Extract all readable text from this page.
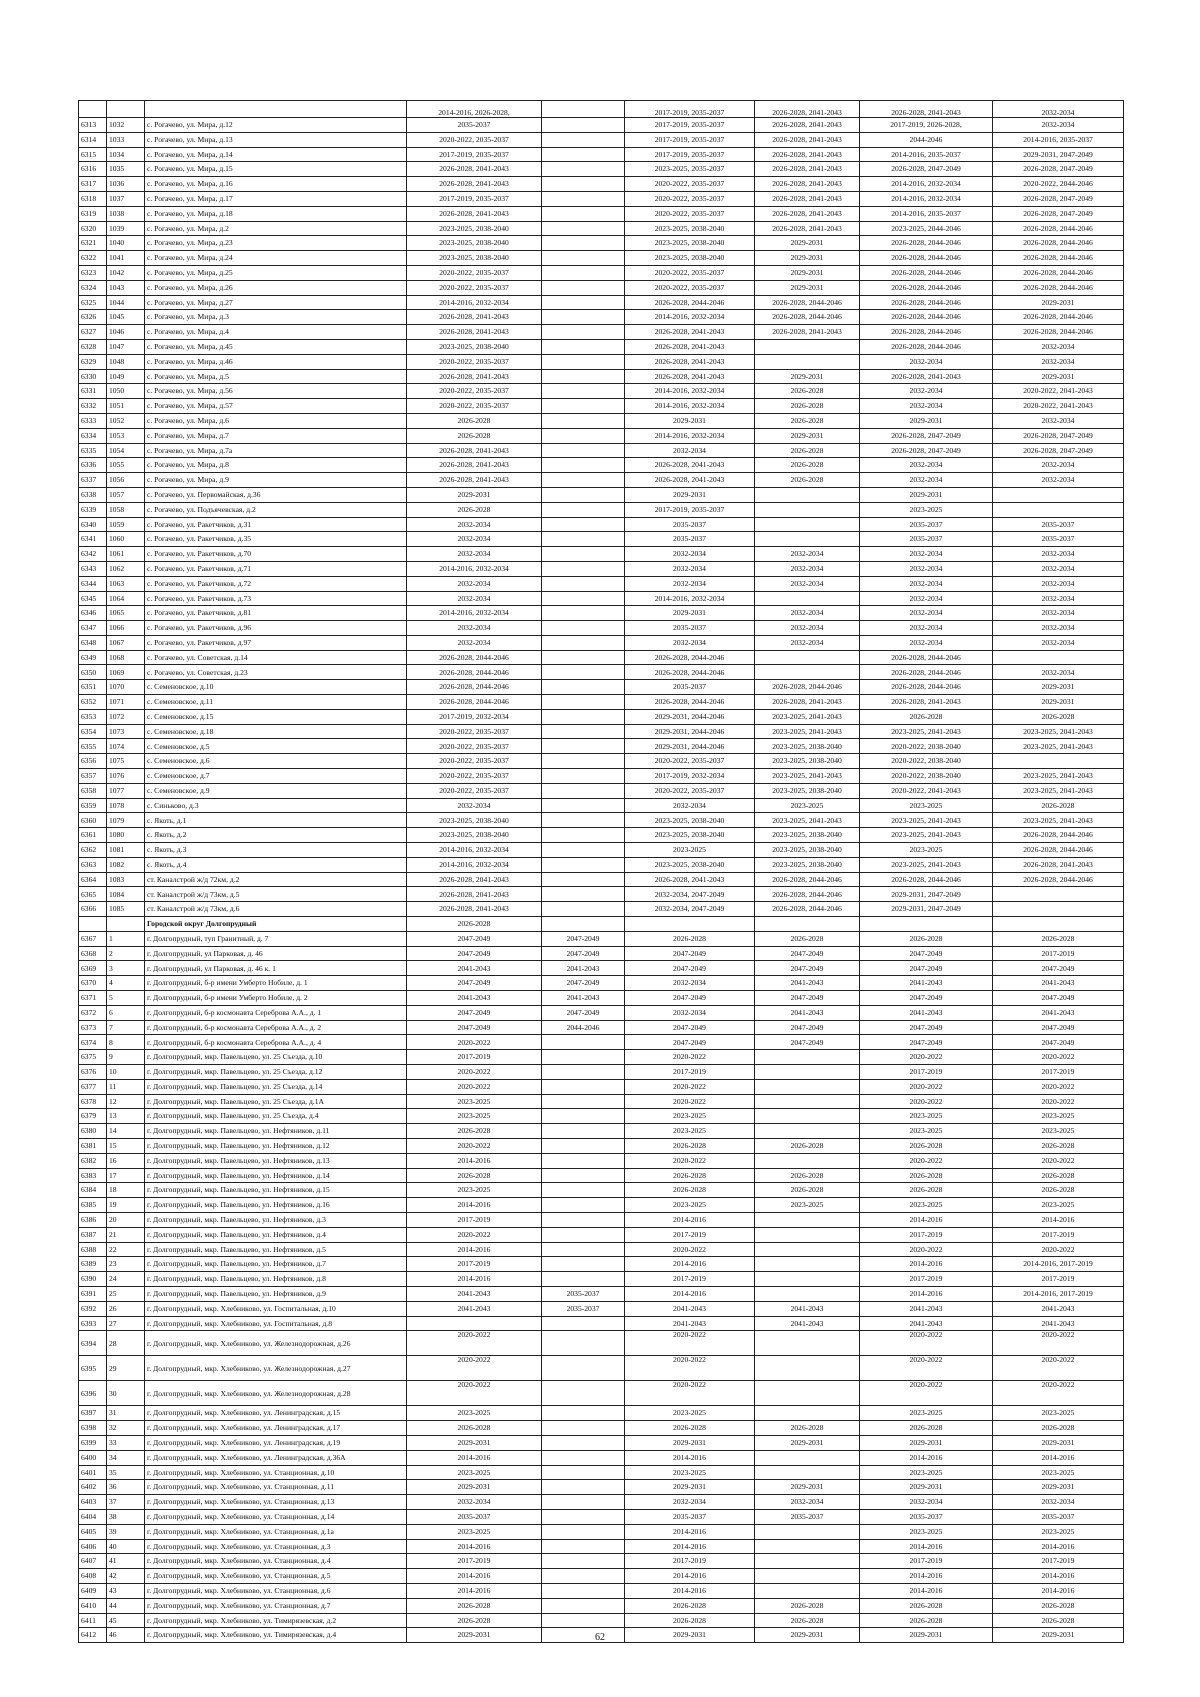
			2014-2016, 2026-2028,		2017-2019, 2035-2037	2026-2028, 2041-2043	2026-2028, 2041-2043	2032-2034
6313	1032	с. Рогачево, ул. Мира, д.12	2035-2037		2017-2019, 2035-2037	2026-2028, 2041-2043	2017-2019, 2026-2028,	2032-2034
6314	1033	с. Рогачево, ул. Мира, д.13	2020-2022, 2035-2037		2017-2019, 2035-2037	2026-2028, 2041-2043	2044-2046	2014-2016, 2035-2037
6315	1034	с. Рогачево, ул. Мира, д.14	2017-2019, 2035-2037		2017-2019, 2035-2037	2026-2028, 2041-2043	2014-2016, 2035-2037	2029-2031, 2047-2049
6316	1035	с. Рогачево, ул. Мира, д.15	2026-2028, 2041-2043		2023-2025, 2035-2037	2026-2028, 2041-2043	2026-2028, 2047-2049	2026-2028, 2047-2049
6317	1036	с. Рогачево, ул. Мира, д.16	2026-2028, 2041-2043		2020-2022, 2035-2037	2026-2028, 2041-2043	2014-2016, 2032-2034	2020-2022, 2044-2046
6318	1037	с. Рогачево, ул. Мира, д.17	2017-2019, 2035-2037		2020-2022, 2035-2037	2026-2028, 2041-2043	2014-2016, 2032-2034	2026-2028, 2047-2049
6319	1038	с. Рогачево, ул. Мира, д.18	2026-2028, 2041-2043		2020-2022, 2035-2037	2026-2028, 2041-2043	2014-2016, 2035-2037	2026-2028, 2047-2049
6320	1039	с. Рогачево, ул. Мира, д.2	2023-2025, 2038-2040		2023-2025, 2038-2040	2026-2028, 2041-2043	2023-2025, 2044-2046	2026-2028, 2044-2046
6321	1040	с. Рогачево, ул. Мира, д.23	2023-2025, 2038-2040		2023-2025, 2038-2040	2029-2031	2026-2028, 2044-2046	2026-2028, 2044-2046
6322	1041	с. Рогачево, ул. Мира, д.24	2023-2025, 2038-2040		2023-2025, 2038-2040	2029-2031	2026-2028, 2044-2046	2026-2028, 2044-2046
6323	1042	с. Рогачево, ул. Мира, д.25	2020-2022, 2035-2037		2020-2022, 2035-2037	2029-2031	2026-2028, 2044-2046	2026-2028, 2044-2046
6324	1043	с. Рогачево, ул. Мира, д.26	2020-2022, 2035-2037		2020-2022, 2035-2037	2029-2031	2026-2028, 2044-2046	2026-2028, 2044-2046
6325	1044	с. Рогачево, ул. Мира, д.27	2014-2016, 2032-2034		2026-2028, 2044-2046	2026-2028, 2044-2046	2026-2028, 2044-2046	2029-2031
6326	1045	с. Рогачево, ул. Мира, д.3	2026-2028, 2041-2043		2014-2016, 2032-2034	2026-2028, 2044-2046	2026-2028, 2044-2046	2026-2028, 2044-2046
6327	1046	с. Рогачево, ул. Мира, д.4	2026-2028, 2041-2043		2026-2028, 2041-2043	2026-2028, 2041-2043	2026-2028, 2044-2046	2026-2028, 2044-2046
6328	1047	с. Рогачево, ул. Мира, д.45	2023-2025, 2038-2040		2026-2028, 2041-2043		2026-2028, 2044-2046	2032-2034
6329	1048	с. Рогачево, ул. Мира, д.46	2020-2022, 2035-2037		2026-2028, 2041-2043		2032-2034	2032-2034
6330	1049	с. Рогачево, ул. Мира, д.5	2026-2028, 2041-2043		2026-2028, 2041-2043	2029-2031	2026-2028, 2041-2043	2029-2031
6331	1050	с. Рогачево, ул. Мира, д.56	2020-2022, 2035-2037		2014-2016, 2032-2034	2026-2028	2032-2034	2020-2022, 2041-2043
6332	1051	с. Рогачево, ул. Мира, д.57	2020-2022, 2035-2037		2014-2016, 2032-2034	2026-2028	2032-2034	2020-2022, 2041-2043
6333	1052	с. Рогачево, ул. Мира, д.6	2026-2028		2029-2031	2026-2028	2029-2031	2032-2034
6334	1053	с. Рогачево, ул. Мира, д.7	2026-2028		2014-2016, 2032-2034	2029-2031	2026-2028, 2047-2049	2026-2028, 2047-2049
6335	1054	с. Рогачево, ул. Мира, д.7а	2026-2028, 2041-2043		2032-2034	2026-2028	2026-2028, 2047-2049	2026-2028, 2047-2049
6336	1055	с. Рогачево, ул. Мира, д.8	2026-2028, 2041-2043		2026-2028, 2041-2043	2026-2028	2032-2034	2032-2034
6337	1056	с. Рогачево, ул. Мира, д.9	2026-2028, 2041-2043		2026-2028, 2041-2043	2026-2028	2032-2034	2032-2034
6338	1057	с. Рогачево, ул. Первомайская, д.36	2029-2031		2029-2031		2029-2031	
6339	1058	с. Рогачево, ул. Подъячевская, д.2	2026-2028		2017-2019, 2035-2037		2023-2025	
6340	1059	с. Рогачево, ул. Ракетчиков, д.31	2032-2034		2035-2037		2035-2037	2035-2037
6341	1060	с. Рогачево, ул. Ракетчиков, д.35	2032-2034		2035-2037		2035-2037	2035-2037
6342	1061	с. Рогачево, ул. Ракетчиков, д.70	2032-2034		2032-2034	2032-2034	2032-2034	2032-2034
6343	1062	с. Рогачево, ул. Ракетчиков, д.71	2014-2016, 2032-2034		2032-2034	2032-2034	2032-2034	2032-2034
6344	1063	с. Рогачево, ул. Ракетчиков, д.72	2032-2034		2032-2034	2032-2034	2032-2034	2032-2034
6345	1064	с. Рогачево, ул. Ракетчиков, д.73	2032-2034		2014-2016, 2032-2034		2032-2034	2032-2034
6346	1065	с. Рогачево, ул. Ракетчиков, д.81	2014-2016, 2032-2034		2029-2031	2032-2034	2032-2034	2032-2034
6347	1066	с. Рогачево, ул. Ракетчиков, д.96	2032-2034		2035-2037	2032-2034	2032-2034	2032-2034
6348	1067	с. Рогачево, ул. Ракетчиков, д.97	2032-2034		2032-2034	2032-2034	2032-2034	2032-2034
6349	1068	с. Рогачево, ул. Советская, д.14	2026-2028, 2044-2046		2026-2028, 2044-2046		2026-2028, 2044-2046	
6350	1069	с. Рогачево, ул. Советская, д.23	2026-2028, 2044-2046		2026-2028, 2044-2046		2026-2028, 2044-2046	2032-2034
6351	1070	с. Семеновское, д.10	2026-2028, 2044-2046		2035-2037	2026-2028, 2044-2046	2026-2028, 2044-2046	2029-2031
6352	1071	с. Семеновское, д.11	2026-2028, 2044-2046		2026-2028, 2044-2046	2026-2028, 2041-2043	2026-2028, 2041-2043	2029-2031
6353	1072	с. Семеновское, д.15	2017-2019, 2032-2034		2029-2031, 2044-2046	2023-2025, 2041-2043	2026-2028	2026-2028
6354	1073	с. Семеновское, д.18	2020-2022, 2035-2037		2029-2031, 2044-2046	2023-2025, 2041-2043	2023-2025, 2041-2043	2023-2025, 2041-2043
6355	1074	с. Семеновское, д.5	2020-2022, 2035-2037		2029-2031, 2044-2046	2023-2025, 2038-2040	2020-2022, 2038-2040	2023-2025, 2041-2043
6356	1075	с. Семеновское, д.6	2020-2022, 2035-2037		2020-2022, 2035-2037	2023-2025, 2038-2040	2020-2022, 2038-2040	
6357	1076	с. Семеновское, д.7	2020-2022, 2035-2037		2017-2019, 2032-2034	2023-2025, 2041-2043	2020-2022, 2038-2040	2023-2025, 2041-2043
6358	1077	с. Семеновское, д.9	2020-2022, 2035-2037		2020-2022, 2035-2037	2023-2025, 2038-2040	2020-2022, 2041-2043	2023-2025, 2041-2043
6359	1078	с. Синьково, д.3	2032-2034		2032-2034	2023-2025	2023-2025	2026-2028
6360	1079	с. Якоть, д.1	2023-2025, 2038-2040		2023-2025, 2038-2040	2023-2025, 2041-2043	2023-2025, 2041-2043	2023-2025, 2041-2043
6361	1080	с. Якоть, д.2	2023-2025, 2038-2040		2023-2025, 2038-2040	2023-2025, 2038-2040	2023-2025, 2041-2043	2026-2028, 2044-2046
6362	1081	с. Якоть, д.3	2014-2016, 2032-2034		2023-2025	2023-2025, 2038-2040	2023-2025	2026-2028, 2044-2046
6363	1082	с. Якоть, д.4	2014-2016, 2032-2034		2023-2025, 2038-2040	2023-2025, 2038-2040	2023-2025, 2041-2043	2026-2028, 2041-2043
6364	1083	ст. Каналстрой ж/д 72км, д.2	2026-2028, 2041-2043		2026-2028, 2041-2043	2026-2028, 2044-2046	2026-2028, 2044-2046	2026-2028, 2044-2046
6365	1084	ст. Каналстрой ж/д 73км, д.5	2026-2028, 2041-2043		2032-2034, 2047-2049	2026-2028, 2044-2046	2029-2031, 2047-2049	
6366	1085	ст. Каналстрой ж/д 73км, д.6	2026-2028, 2041-2043		2032-2034, 2047-2049	2026-2028, 2044-2046	2029-2031, 2047-2049	
		Городской округ Долгопрудный	2026-2028					
6367	1	г. Долгопрудный, туп Гранитный, д. 7	2047-2049	2047-2049	2026-2028	2026-2028	2026-2028	2026-2028
6368	2	г. Долгопрудный, ул Парковая, д. 46	2047-2049	2047-2049	2047-2049	2047-2049	2047-2049	2017-2019
6369	3	г. Долгопрудный, ул Парковая, д. 46 к. 1	2041-2043	2041-2043	2047-2049	2047-2049	2047-2049	2047-2049
6370	4	г. Долгопрудный, б-р имени Умберто Нобиле, д. 1	2047-2049	2047-2049	2032-2034	2041-2043	2041-2043	2041-2043
6371	5	г. Долгопрудный, б-р имени Умберто Нобиле, д. 2	2041-2043	2041-2043	2047-2049	2047-2049	2047-2049	2047-2049
6372	6	г. Долгопрудный, б-р космонавта Сереброва А.А., д. 1	2047-2049	2047-2049	2032-2034	2041-2043	2041-2043	2041-2043
6373	7	г. Долгопрудный, б-р космонавта Сереброва А.А., д. 2	2047-2049	2044-2046	2047-2049	2047-2049	2047-2049	2047-2049
6374	8	г. Долгопрудный, б-р космонавта Сереброва А.А., д. 4	2020-2022		2047-2049	2047-2049	2047-2049	2047-2049
6375	9	г. Долгопрудный, мкр. Павельцево, ул. 25 Съезда, д.10	2017-2019		2020-2022		2020-2022	2020-2022
6376	10	г. Долгопрудный, мкр. Павельцево, ул. 25 Съезда, д.12	2020-2022		2017-2019		2017-2019	2017-2019
6377	11	г. Долгопрудный, мкр. Павельцево, ул. 25 Съезда, д.14	2020-2022		2020-2022		2020-2022	2020-2022
6378	12	г. Долгопрудный, мкр. Павельцево, ул. 25 Съезда, д.1А	2023-2025		2020-2022		2020-2022	2020-2022
6379	13	г. Долгопрудный, мкр. Павельцево, ул. 25 Съезда, д.4	2023-2025		2023-2025		2023-2025	2023-2025
6380	14	г. Долгопрудный, мкр. Павельцево, ул. Нефтяников, д.11	2026-2028		2023-2025		2023-2025	2023-2025
6381	15	г. Долгопрудный, мкр. Павельцево, ул. Нефтяников, д.12	2020-2022		2026-2028	2026-2028	2026-2028	2026-2028
6382	16	г. Долгопрудный, мкр. Павельцево, ул. Нефтяников, д.13	2014-2016		2020-2022		2020-2022	2020-2022
6383	17	г. Долгопрудный, мкр. Павельцево, ул. Нефтяников, д.14	2026-2028		2026-2028	2026-2028	2026-2028	2026-2028
6384	18	г. Долгопрудный, мкр. Павельцево, ул. Нефтяников, д.15	2023-2025		2026-2028	2026-2028	2026-2028	2026-2028
6385	19	г. Долгопрудный, мкр. Павельцево, ул. Нефтяников, д.16	2014-2016		2023-2025	2023-2025	2023-2025	2023-2025
6386	20	г. Долгопрудный, мкр. Павельцево, ул. Нефтяников, д.3	2017-2019		2014-2016		2014-2016	2014-2016
6387	21	г. Долгопрудный, мкр. Павельцево, ул. Нефтяников, д.4	2020-2022		2017-2019		2017-2019	2017-2019
6388	22	г. Долгопрудный, мкр. Павельцево, ул. Нефтяников, д.5	2014-2016		2020-2022		2020-2022	2020-2022
6389	23	г. Долгопрудный, мкр. Павельцево, ул. Нефтяников, д.7	2017-2019		2014-2016		2014-2016	2014-2016, 2017-2019
6390	24	г. Долгопрудный, мкр. Павельцево, ул. Нефтяников, д.8	2014-2016		2017-2019		2017-2019	2017-2019
6391	25	г. Долгопрудный, мкр. Павельцево, ул. Нефтяников, д.9	2041-2043	2035-2037	2014-2016		2014-2016	2014-2016, 2017-2019
6392	26	г. Долгопрудный, мкр. Хлебниково, ул. Госпитальная, д.10	2041-2043	2035-2037	2041-2043	2041-2043	2041-2043	2041-2043
6393	27	г. Долгопрудный, мкр. Хлебниково, ул. Госпитальная, д.8			2041-2043	2041-2043	2041-2043	2041-2043
6394	28	г. Долгопрудный, мкр. Хлебниково, ул. Железнодорожная, д.26	2020-2022		2020-2022		2020-2022	2020-2022
6395	29	г. Долгопрудный, мкр. Хлебниково, ул. Железнодорожная, д.27	2020-2022		2020-2022		2020-2022	2020-2022
6396	30	г. Долгопрудный, мкр. Хлебниково, ул. Железнодорожная, д.28	2020-2022		2020-2022		2020-2022	2020-2022
6397	31	г. Долгопрудный, мкр. Хлебниково, ул. Ленинградская, д.15	2023-2025		2023-2025		2023-2025	2023-2025
6398	32	г. Долгопрудный, мкр. Хлебниково, ул. Ленинградская, д.17	2026-2028		2026-2028	2026-2028	2026-2028	2026-2028
6399	33	г. Долгопрудный, мкр. Хлебниково, ул. Ленинградская, д.19	2029-2031		2029-2031	2029-2031	2029-2031	2029-2031
6400	34	г. Долгопрудный, мкр. Хлебниково, ул. Ленинградская, д.36А	2014-2016		2014-2016		2014-2016	2014-2016
6401	35	г. Долгопрудный, мкр. Хлебниково, ул. Станционная, д.10	2023-2025		2023-2025		2023-2025	2023-2025
6402	36	г. Долгопрудный, мкр. Хлебниково, ул. Станционная, д.11	2029-2031		2029-2031	2029-2031	2029-2031	2029-2031
6403	37	г. Долгопрудный, мкр. Хлебниково, ул. Станционная, д.13	2032-2034		2032-2034	2032-2034	2032-2034	2032-2034
6404	38	г. Долгопрудный, мкр. Хлебниково, ул. Станционная, д.14	2035-2037		2035-2037	2035-2037	2035-2037	2035-2037
6405	39	г. Долгопрудный, мкр. Хлебниково, ул. Станционная, д.1а	2023-2025		2014-2016		2023-2025	2023-2025
6406	40	г. Долгопрудный, мкр. Хлебниково, ул. Станционная, д.3	2014-2016		2014-2016		2014-2016	2014-2016
6407	41	г. Долгопрудный, мкр. Хлебниково, ул. Станционная, д.4	2017-2019		2017-2019		2017-2019	2017-2019
6408	42	г. Долгопрудный, мкр. Хлебниково, ул. Станционная, д.5	2014-2016		2014-2016		2014-2016	2014-2016
6409	43	г. Долгопрудный, мкр. Хлебниково, ул. Станционная, д.6	2014-2016		2014-2016		2014-2016	2014-2016
6410	44	г. Долгопрудный, мкр. Хлебниково, ул. Станционная, д.7	2026-2028		2026-2028	2026-2028	2026-2028	2026-2028
6411	45	г. Долгопрудный, мкр. Хлебниково, ул. Тимирязевская, д.2	2026-2028		2026-2028	2026-2028	2026-2028	2026-2028
6412	46	г. Долгопрудный, мкр. Хлебниково, ул. Тимирязевская, д.4	2029-2031		2029-2031	2029-2031	2029-2031	2029-2031
62
